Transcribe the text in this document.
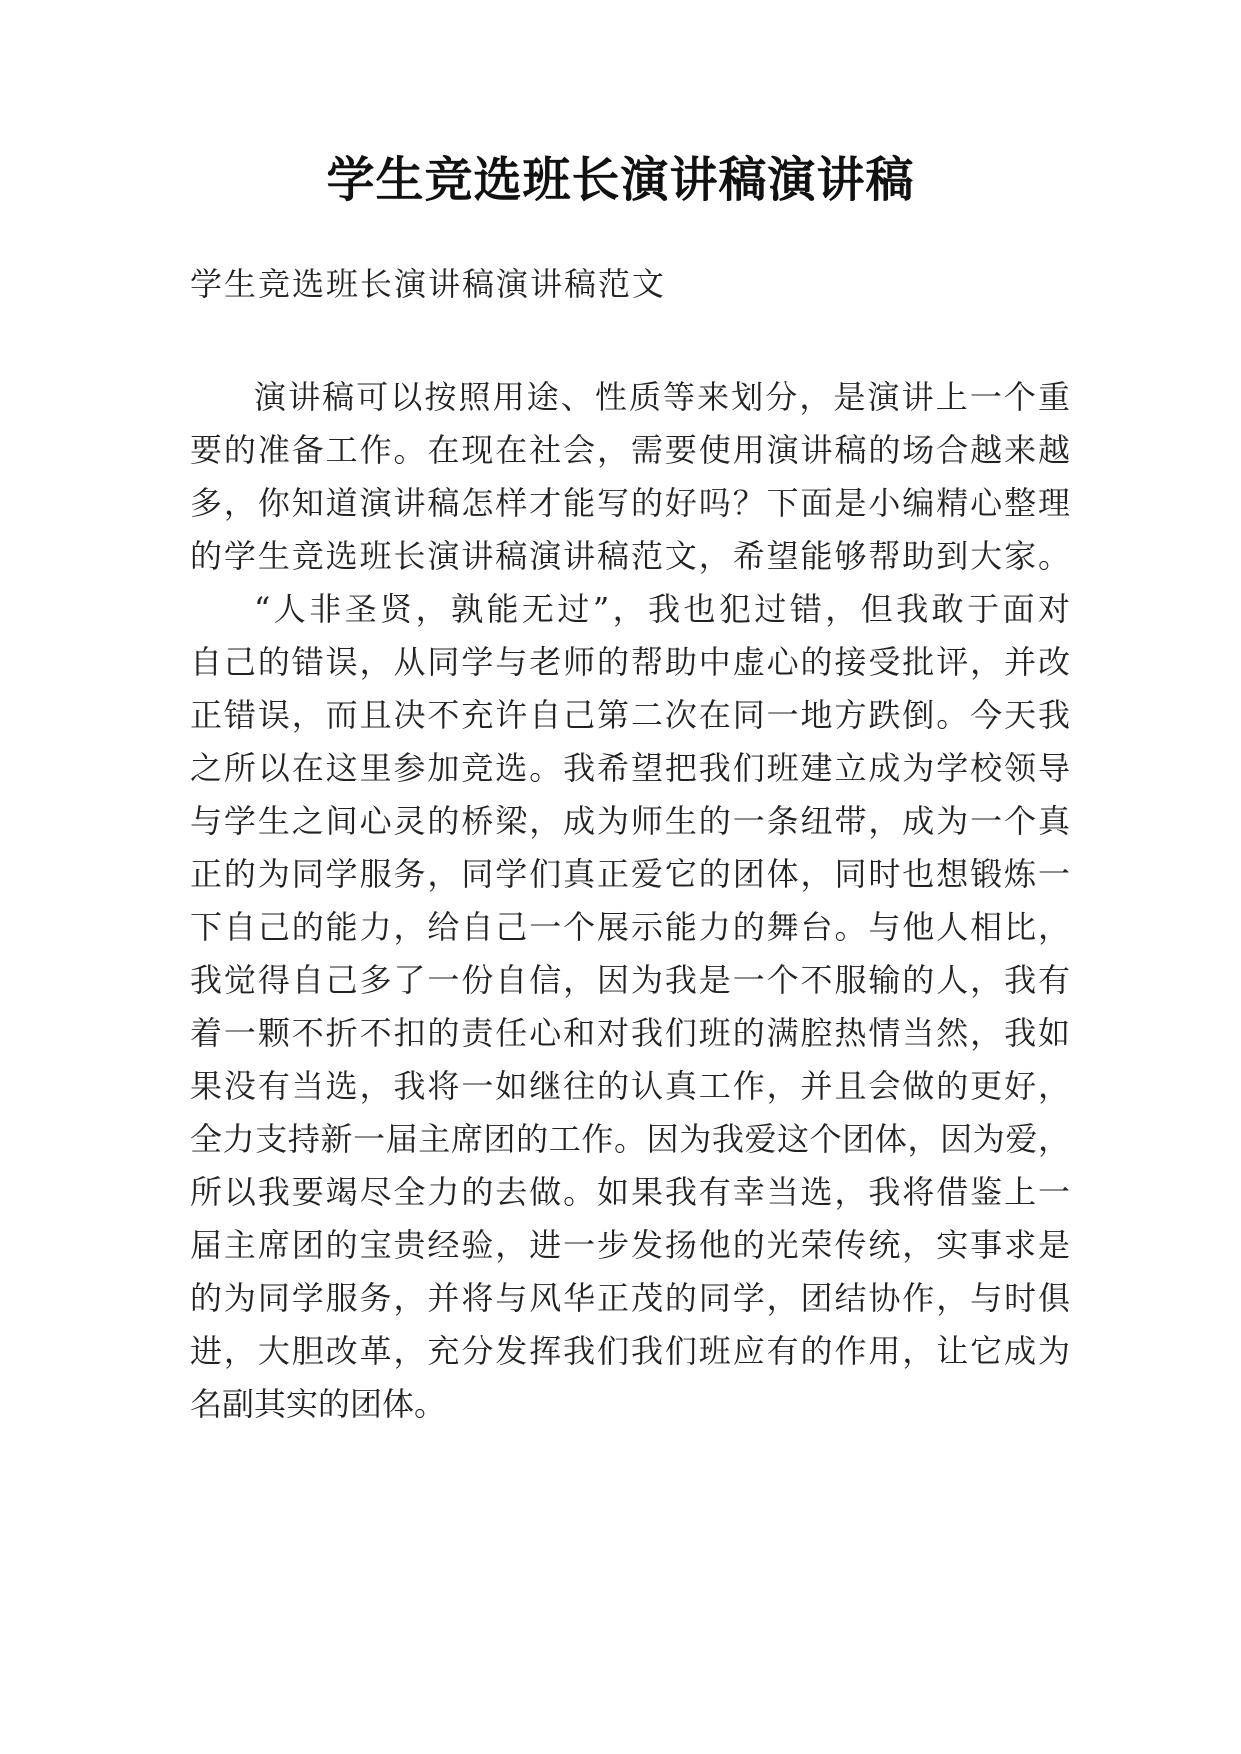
学生竞选班长演讲稿演讲稿

学生竞选班长演讲稿演讲稿范文

演讲稿可以按照用途、性质等来划分，是演讲上一个重

要的准备工作。在现在社会，需要使用演讲稿的场合越来越

多，你知道演讲稿怎样才能写的好吗？下面是小编精心整理

的学生竞选班长演讲稿演讲稿范文，希望能够帮助到大家。

“人非圣贤，孰能无过”，我也犯过错，但我敢于面对

自己的错误，从同学与老师的帮助中虚心的接受批评，并改

正错误，而且决不充许自己第二次在同一地方跌倒。今天我

之所以在这里参加竞选。我希望把我们班建立成为学校领导

与学生之间心灵的桥梁，成为师生的一条纽带，成为一个真

正的为同学服务，同学们真正爱它的团体，同时也想锻炼一

下自己的能力，给自己一个展示能力的舞台。与他人相比，

我觉得自己多了一份自信，因为我是一个不服输的人，我有

着一颗不折不扣的责任心和对我们班的满腔热情当然，我如

果没有当选，我将一如继往的认真工作，并且会做的更好，

全力支持新一届主席团的工作。因为我爱这个团体，因为爱，

所以我要竭尽全力的去做。如果我有幸当选，我将借鉴上一

届主席团的宝贵经验，进一步发扬他的光荣传统，实事求是

的为同学服务，并将与风华正茂的同学，团结协作，与时俱

进，大胆改革，充分发挥我们我们班应有的作用，让它成为

名副其实的团体。
